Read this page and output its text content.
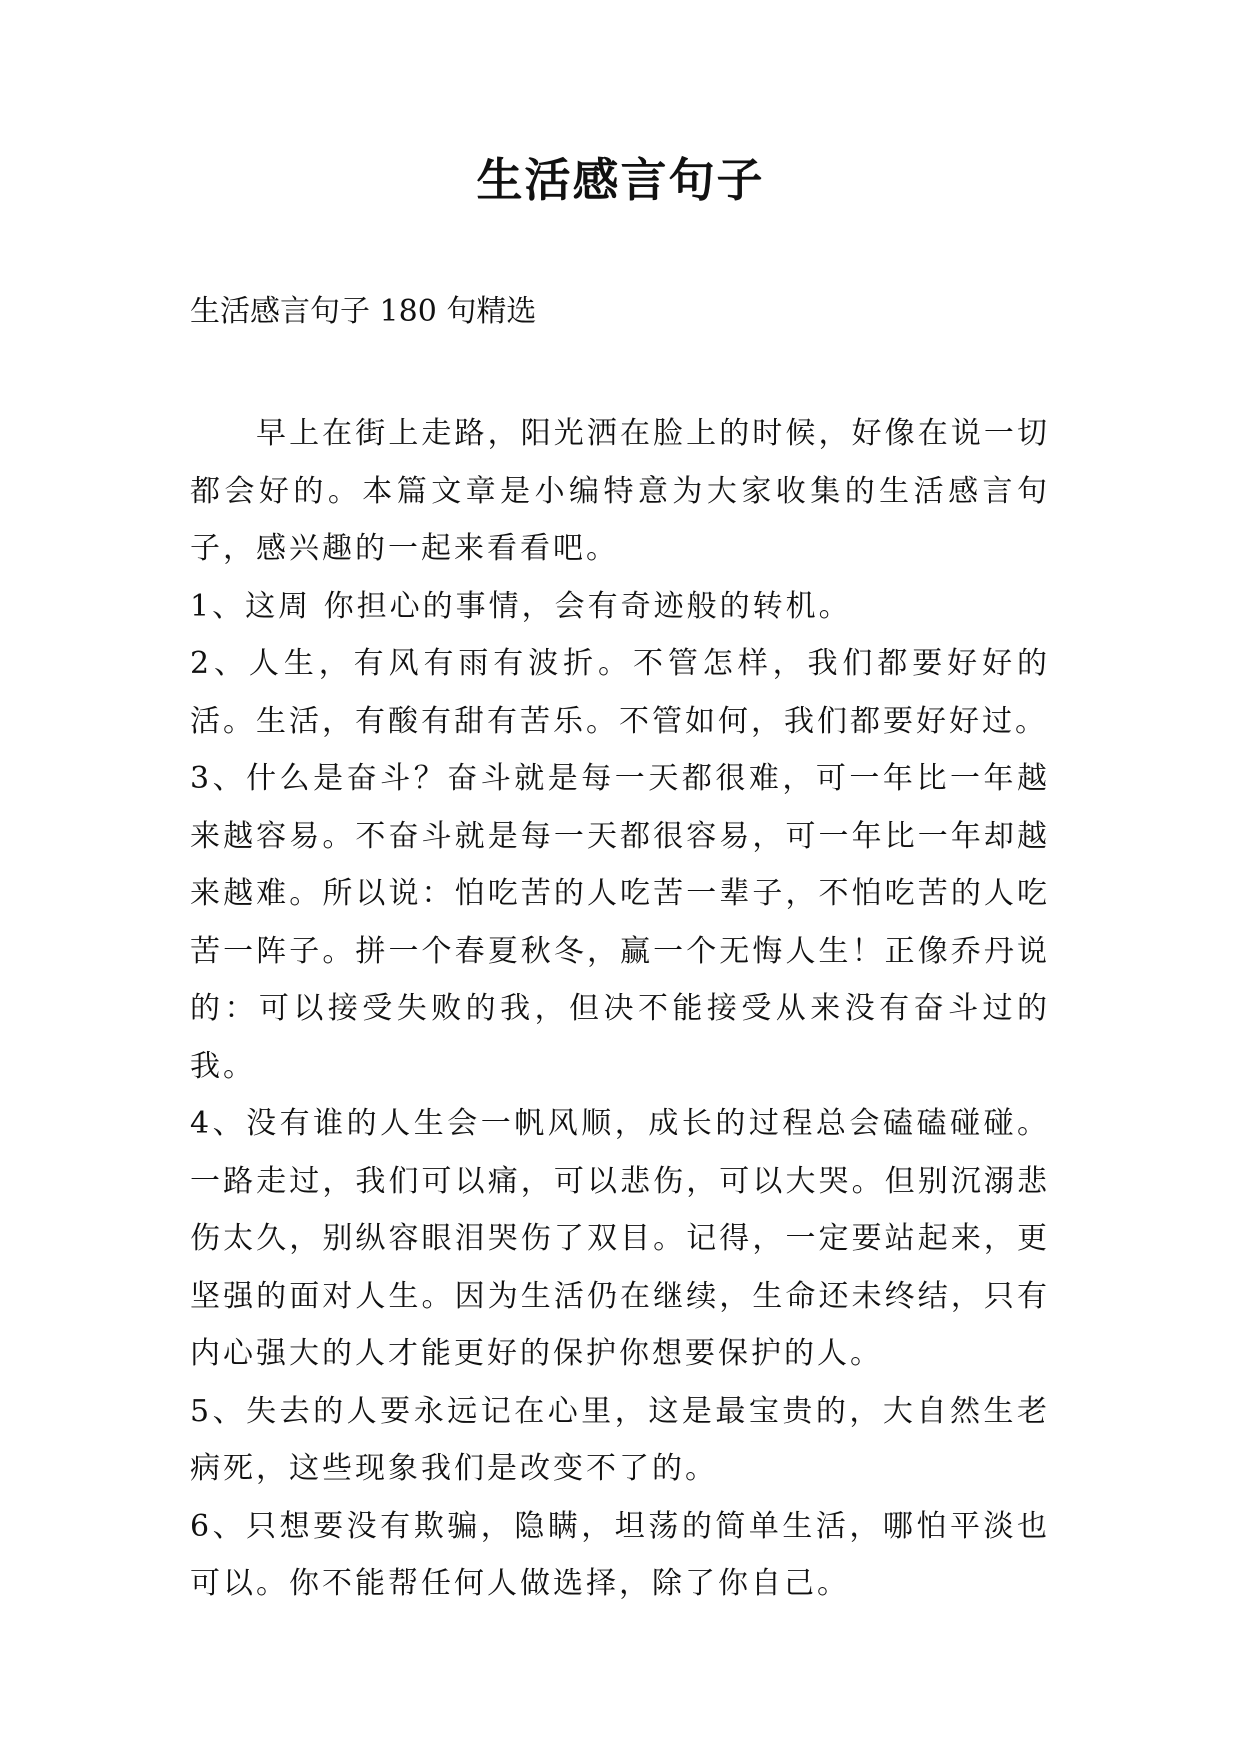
生活感言句子

生活感言句子 180 句精选

早上在街上走路，阳光洒在脸上的时候，好像在说一切都会好的。本篇文章是小编特意为大家收集的生活感言句子，感兴趣的一起来看看吧。

1、这周 你担心的事情，会有奇迹般的转机。

2、人生，有风有雨有波折。不管怎样，我们都要好好的活。生活，有酸有甜有苦乐。不管如何，我们都要好好过。

3、什么是奋斗？奋斗就是每一天都很难，可一年比一年越来越容易。不奋斗就是每一天都很容易，可一年比一年却越来越难。所以说：怕吃苦的人吃苦一辈子，不怕吃苦的人吃苦一阵子。拼一个春夏秋冬，赢一个无悔人生！正像乔丹说的：可以接受失败的我，但决不能接受从来没有奋斗过的我。

4、没有谁的人生会一帆风顺，成长的过程总会磕磕碰碰。一路走过，我们可以痛，可以悲伤，可以大哭。但别沉溺悲伤太久，别纵容眼泪哭伤了双目。记得，一定要站起来，更坚强的面对人生。因为生活仍在继续，生命还未终结，只有内心强大的人才能更好的保护你想要保护的人。

5、失去的人要永远记在心里，这是最宝贵的，大自然生老病死，这些现象我们是改变不了的。

6、只想要没有欺骗，隐瞒，坦荡的简单生活，哪怕平淡也可以。你不能帮任何人做选择，除了你自己。
